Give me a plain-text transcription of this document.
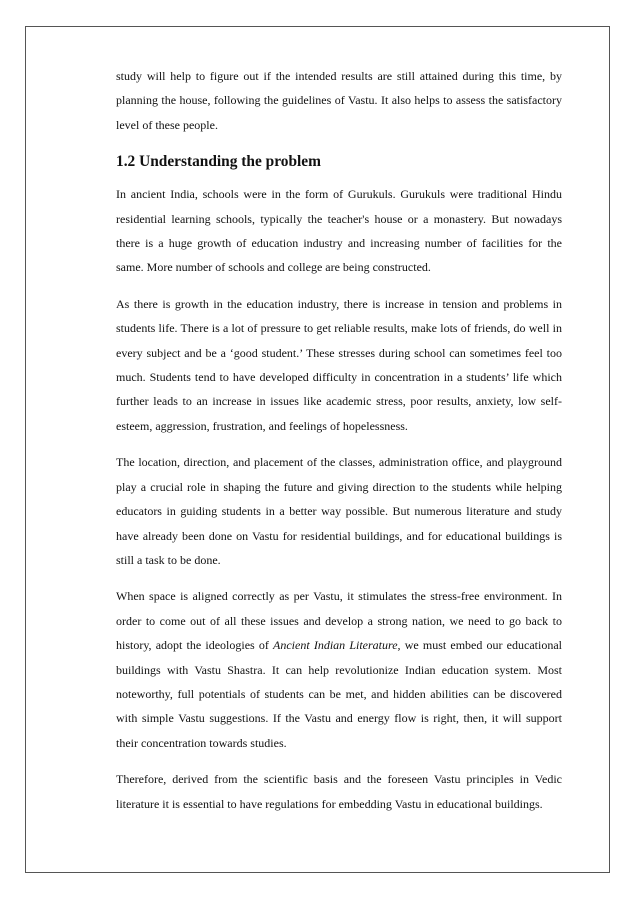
study will help to figure out if the intended results are still attained during this time, by planning the house, following the guidelines of Vastu. It also helps to assess the satisfactory level of these people.

1.2 Understanding the problem

In ancient India, schools were in the form of Gurukuls. Gurukuls were traditional Hindu residential learning schools, typically the teacher's house or a monastery. But nowadays there is a huge growth of education industry and increasing number of facilities for the same. More number of schools and college are being constructed.

As there is growth in the education industry, there is increase in tension and problems in students life. There is a lot of pressure to get reliable results, make lots of friends, do well in every subject and be a ‘good student.’ These stresses during school can sometimes feel too much. Students tend to have developed difficulty in concentration in a students’ life which further leads to an increase in issues like academic stress, poor results, anxiety, low self-esteem, aggression, frustration, and feelings of hopelessness.

The location, direction, and placement of the classes, administration office, and playground play a crucial role in shaping the future and giving direction to the students while helping educators in guiding students in a better way possible. But numerous literature and study have already been done on Vastu for residential buildings, and for educational buildings is still a task to be done.

When space is aligned correctly as per Vastu, it stimulates the stress-free environment. In order to come out of all these issues and develop a strong nation, we need to go back to history, adopt the ideologies of Ancient Indian Literature, we must embed our educational buildings with Vastu Shastra. It can help revolutionize Indian education system. Most noteworthy, full potentials of students can be met, and hidden abilities can be discovered with simple Vastu suggestions. If the Vastu and energy flow is right, then, it will support their concentration towards studies.

Therefore, derived from the scientific basis and the foreseen Vastu principles in Vedic literature it is essential to have regulations for embedding Vastu in educational buildings.
